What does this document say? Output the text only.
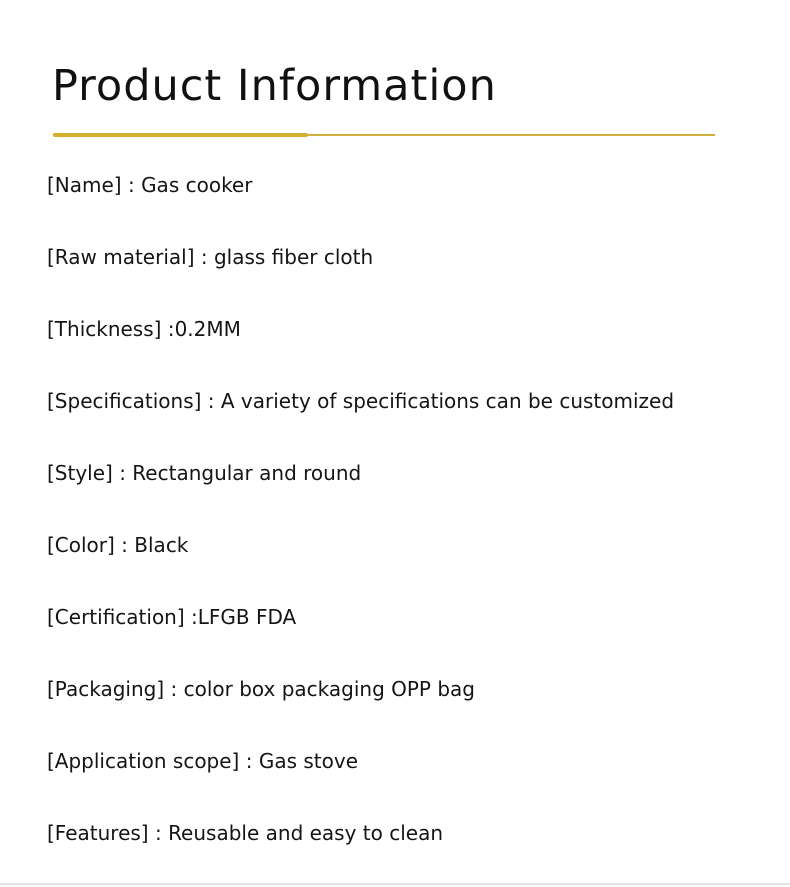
Product Information
[Name] : Gas cooker
[Raw material] : glass fiber cloth
[Thickness] :0.2MM
[Specifications] : A variety of specifications can be customized
[Style] : Rectangular and round
[Color] : Black
[Certification] :LFGB FDA
[Packaging] : color box packaging OPP bag
[Application scope] : Gas stove
[Features] : Reusable and easy to clean
